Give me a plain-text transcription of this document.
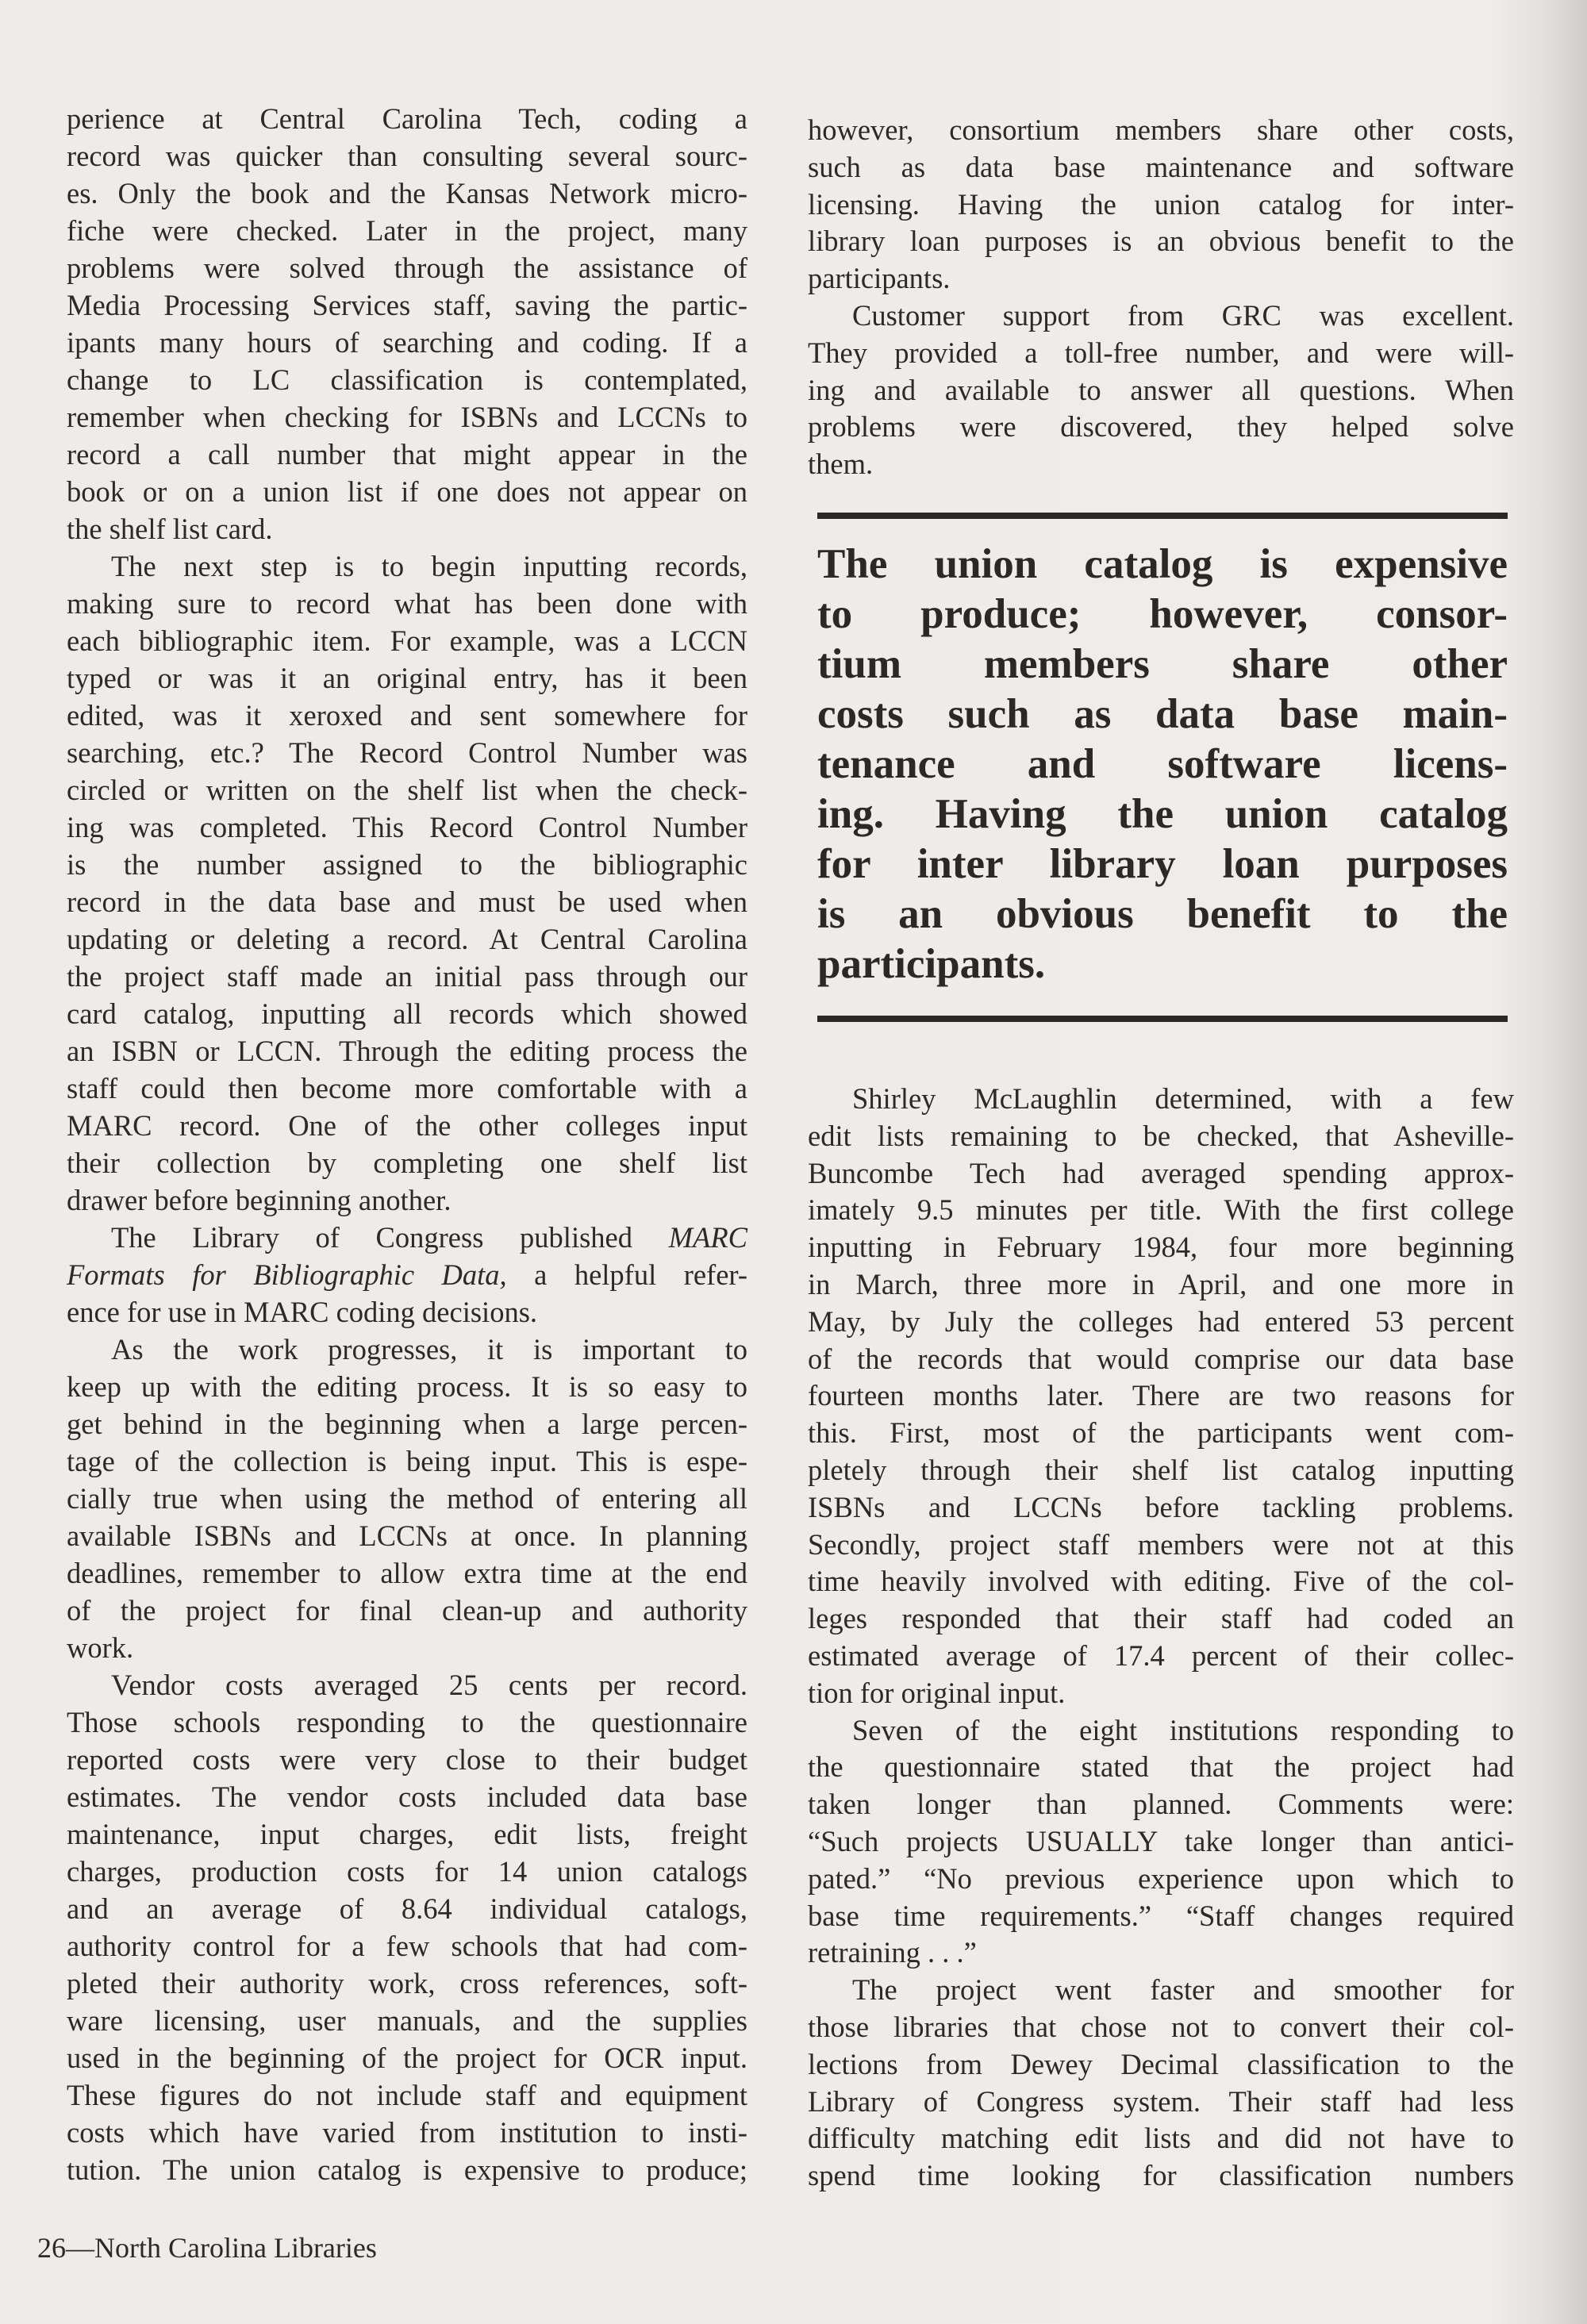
perience at Central Carolina Tech, coding a
record was quicker than consulting several sourc-
es. Only the book and the Kansas Network micro-
fiche were checked. Later in the project, many
problems were solved through the assistance of
Media Processing Services staff, saving the partic-
ipants many hours of searching and coding. If a
change to LC classification is contemplated,
remember when checking for ISBNs and LCCNs to
record a call number that might appear in the
book or on a union list if one does not appear on
the shelf list card.
The next step is to begin inputting records,
making sure to record what has been done with
each bibliographic item. For example, was a LCCN
typed or was it an original entry, has it been
edited, was it xeroxed and sent somewhere for
searching, etc.? The Record Control Number was
circled or written on the shelf list when the check-
ing was completed. This Record Control Number
is the number assigned to the bibliographic
record in the data base and must be used when
updating or deleting a record. At Central Carolina
the project staff made an initial pass through our
card catalog, inputting all records which showed
an ISBN or LCCN. Through the editing process the
staff could then become more comfortable with a
MARC record. One of the other colleges input
their collection by completing one shelf list
drawer before beginning another.
The Library of Congress published MARC
Formats for Bibliographic Data, a helpful refer-
ence for use in MARC coding decisions.
As the work progresses, it is important to
keep up with the editing process. It is so easy to
get behind in the beginning when a large percen-
tage of the collection is being input. This is espe-
cially true when using the method of entering all
available ISBNs and LCCNs at once. In planning
deadlines, remember to allow extra time at the end
of the project for final clean-up and authority
work.
Vendor costs averaged 25 cents per record.
Those schools responding to the questionnaire
reported costs were very close to their budget
estimates. The vendor costs included data base
maintenance, input charges, edit lists, freight
charges, production costs for 14 union catalogs
and an average of 8.64 individual catalogs,
authority control for a few schools that had com-
pleted their authority work, cross references, soft-
ware licensing, user manuals, and the supplies
used in the beginning of the project for OCR input.
These figures do not include staff and equipment
costs which have varied from institution to insti-
tution. The union catalog is expensive to produce;
however, consortium members share other costs,
such as data base maintenance and software
licensing. Having the union catalog for inter-
library loan purposes is an obvious benefit to the
participants.
Customer support from GRC was excellent.
They provided a toll-free number, and were will-
ing and available to answer all questions. When
problems were discovered, they helped solve
them.
The union catalog is expensive
to produce; however, consor-
tium members share other
costs such as data base main-
tenance and software licens-
ing. Having the union catalog
for inter library loan purposes
is an obvious benefit to the
participants.
Shirley McLaughlin determined, with a few
edit lists remaining to be checked, that Asheville-
Buncombe Tech had averaged spending approx-
imately 9.5 minutes per title. With the first college
inputting in February 1984, four more beginning
in March, three more in April, and one more in
May, by July the colleges had entered 53 percent
of the records that would comprise our data base
fourteen months later. There are two reasons for
this. First, most of the participants went com-
pletely through their shelf list catalog inputting
ISBNs and LCCNs before tackling problems.
Secondly, project staff members were not at this
time heavily involved with editing. Five of the col-
leges responded that their staff had coded an
estimated average of 17.4 percent of their collec-
tion for original input.
Seven of the eight institutions responding to
the questionnaire stated that the project had
taken longer than planned. Comments were:
“Such projects USUALLY take longer than antici-
pated.” “No previous experience upon which to
base time requirements.” “Staff changes required
retraining . . .”
The project went faster and smoother for
those libraries that chose not to convert their col-
lections from Dewey Decimal classification to the
Library of Congress system. Their staff had less
difficulty matching edit lists and did not have to
spend time looking for classification numbers
26—North Carolina Libraries
